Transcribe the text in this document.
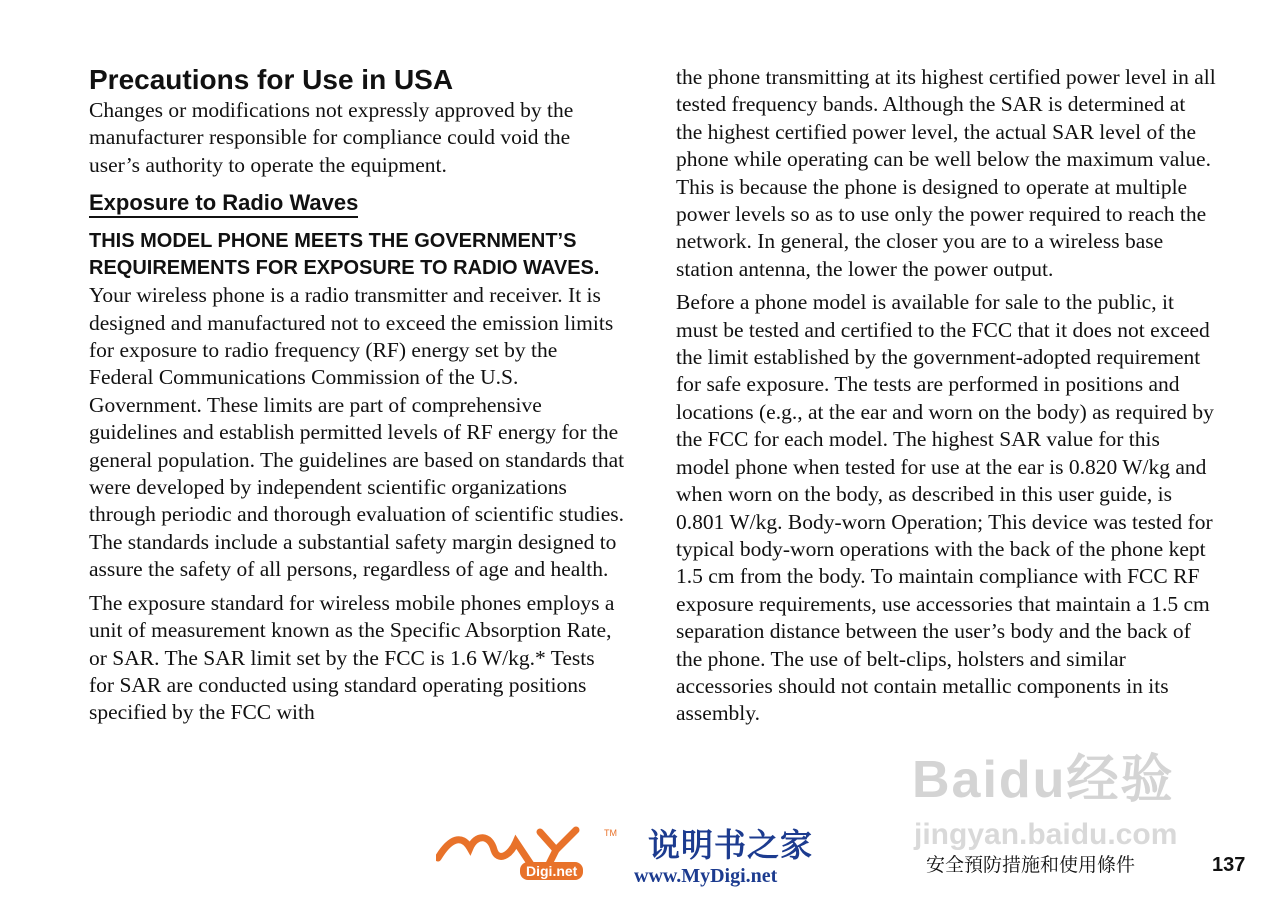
Precautions for Use in USA

Changes or modifications not expressly approved by the manufacturer responsible for compliance could void the user’s authority to operate the equipment.

Exposure to Radio Waves
THIS MODEL PHONE MEETS THE GOVERNMENT’S REQUIREMENTS FOR EXPOSURE TO RADIO WAVES.

Your wireless phone is a radio transmitter and receiver. It is designed and manufactured not to exceed the emission limits for exposure to radio frequency (RF) energy set by the Federal Communications Commission of the U.S. Government. These limits are part of comprehensive guidelines and establish permitted levels of RF energy for the general population. The guidelines are based on standards that were developed by independent scientific organizations through periodic and thorough evaluation of scientific studies. The standards include a substantial safety margin designed to assure the safety of all persons, regardless of age and health.

The exposure standard for wireless mobile phones employs a unit of measurement known as the Specific Absorption Rate, or SAR. The SAR limit set by the FCC is 1.6 W/kg.* Tests for SAR are conducted using standard operating positions specified by the FCC with

the phone transmitting at its highest certified power level in all tested frequency bands. Although the SAR is determined at the highest certified power level, the actual SAR level of the phone while operating can be well below the maximum value. This is because the phone is designed to operate at multiple power levels so as to use only the power required to reach the network. In general, the closer you are to a wireless base station antenna, the lower the power output.

Before a phone model is available for sale to the public, it must be tested and certified to the FCC that it does not exceed the limit established by the government-adopted requirement for safe exposure. The tests are performed in positions and locations (e.g., at the ear and worn on the body) as required by the FCC for each model. The highest SAR value for this model phone when tested for use at the ear is 0.820 W/kg and when worn on the body, as described in this user guide, is 0.801 W/kg. Body-worn Operation; This device was tested for typical body-worn operations with the back of the phone kept 1.5 cm from the body. To maintain compliance with FCC RF exposure requirements, use accessories that maintain a 1.5 cm separation distance between the user’s body and the back of the phone. The use of belt-clips, holsters and similar accessories should not contain metallic components in its assembly.

TM
Digi.net
说明书之家
www.MyDigi.net
Baidu经验
jingyan.baidu.com
安全預防措施和使用條件	137
